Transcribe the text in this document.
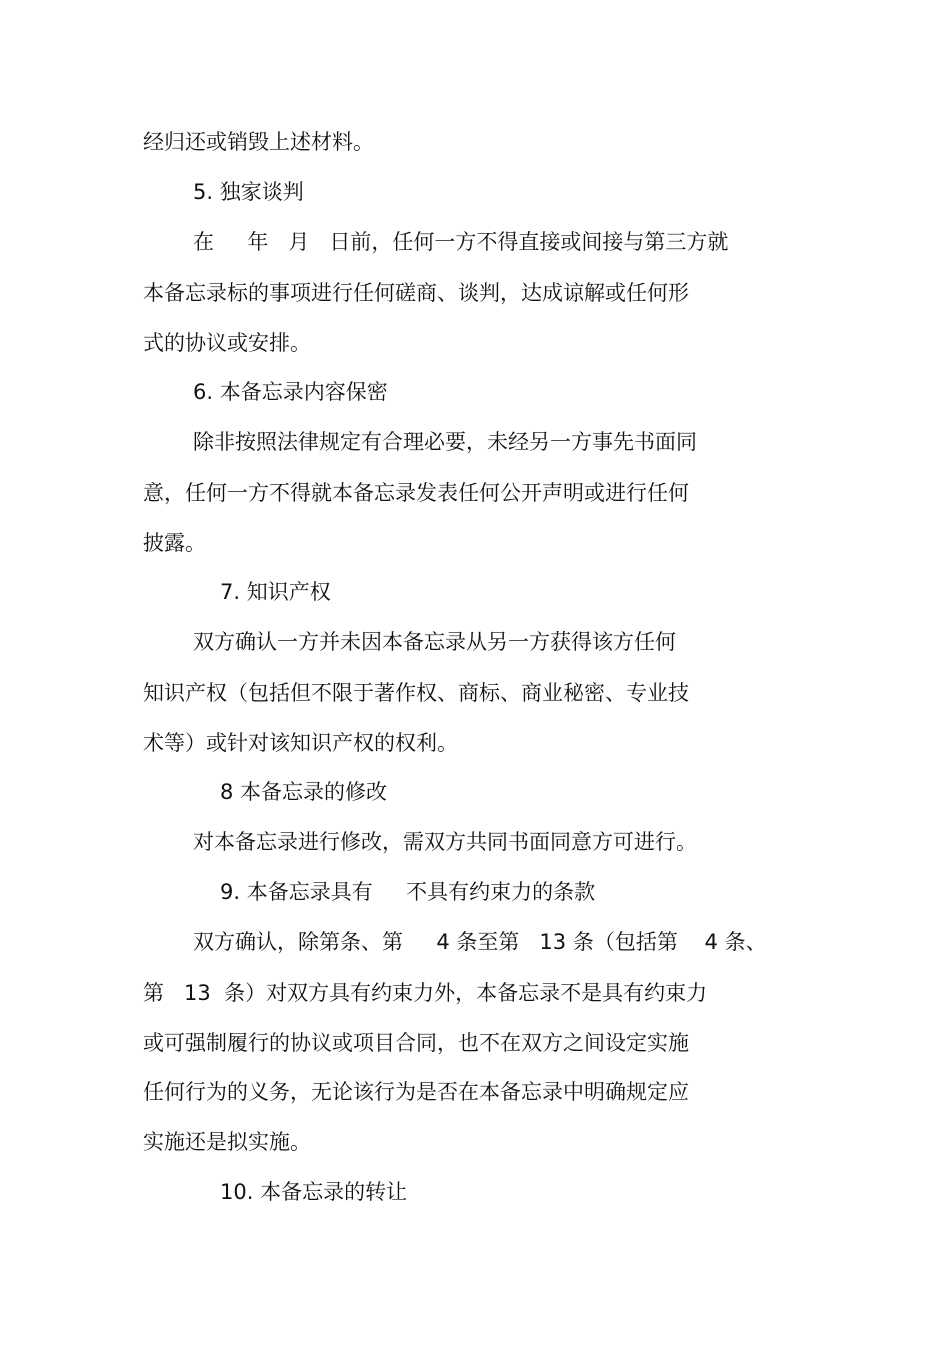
经归还或销毁上述材料。

5. 独家谈判

在     年   月   日前，任何一方不得直接或间接与第三方就

本备忘录标的事项进行任何磋商、谈判，达成谅解或任何形

式的协议或安排。

6. 本备忘录内容保密

除非按照法律规定有合理必要，未经另一方事先书面同

意，任何一方不得就本备忘录发表任何公开声明或进行任何

披露。

7. 知识产权

双方确认一方并未因本备忘录从另一方获得该方任何

知识产权（包括但不限于著作权、商标、商业秘密、专业技

术等）或针对该知识产权的权利。

8 本备忘录的修改

对本备忘录进行修改，需双方共同书面同意方可进行。

9. 本备忘录具有     不具有约束力的条款

双方确认，除第条、第     4 条至第   13 条（包括第    4 条、

第   13  条）对双方具有约束力外，本备忘录不是具有约束力

或可强制履行的协议或项目合同，也不在双方之间设定实施

任何行为的义务，无论该行为是否在本备忘录中明确规定应

实施还是拟实施。

10. 本备忘录的转让
